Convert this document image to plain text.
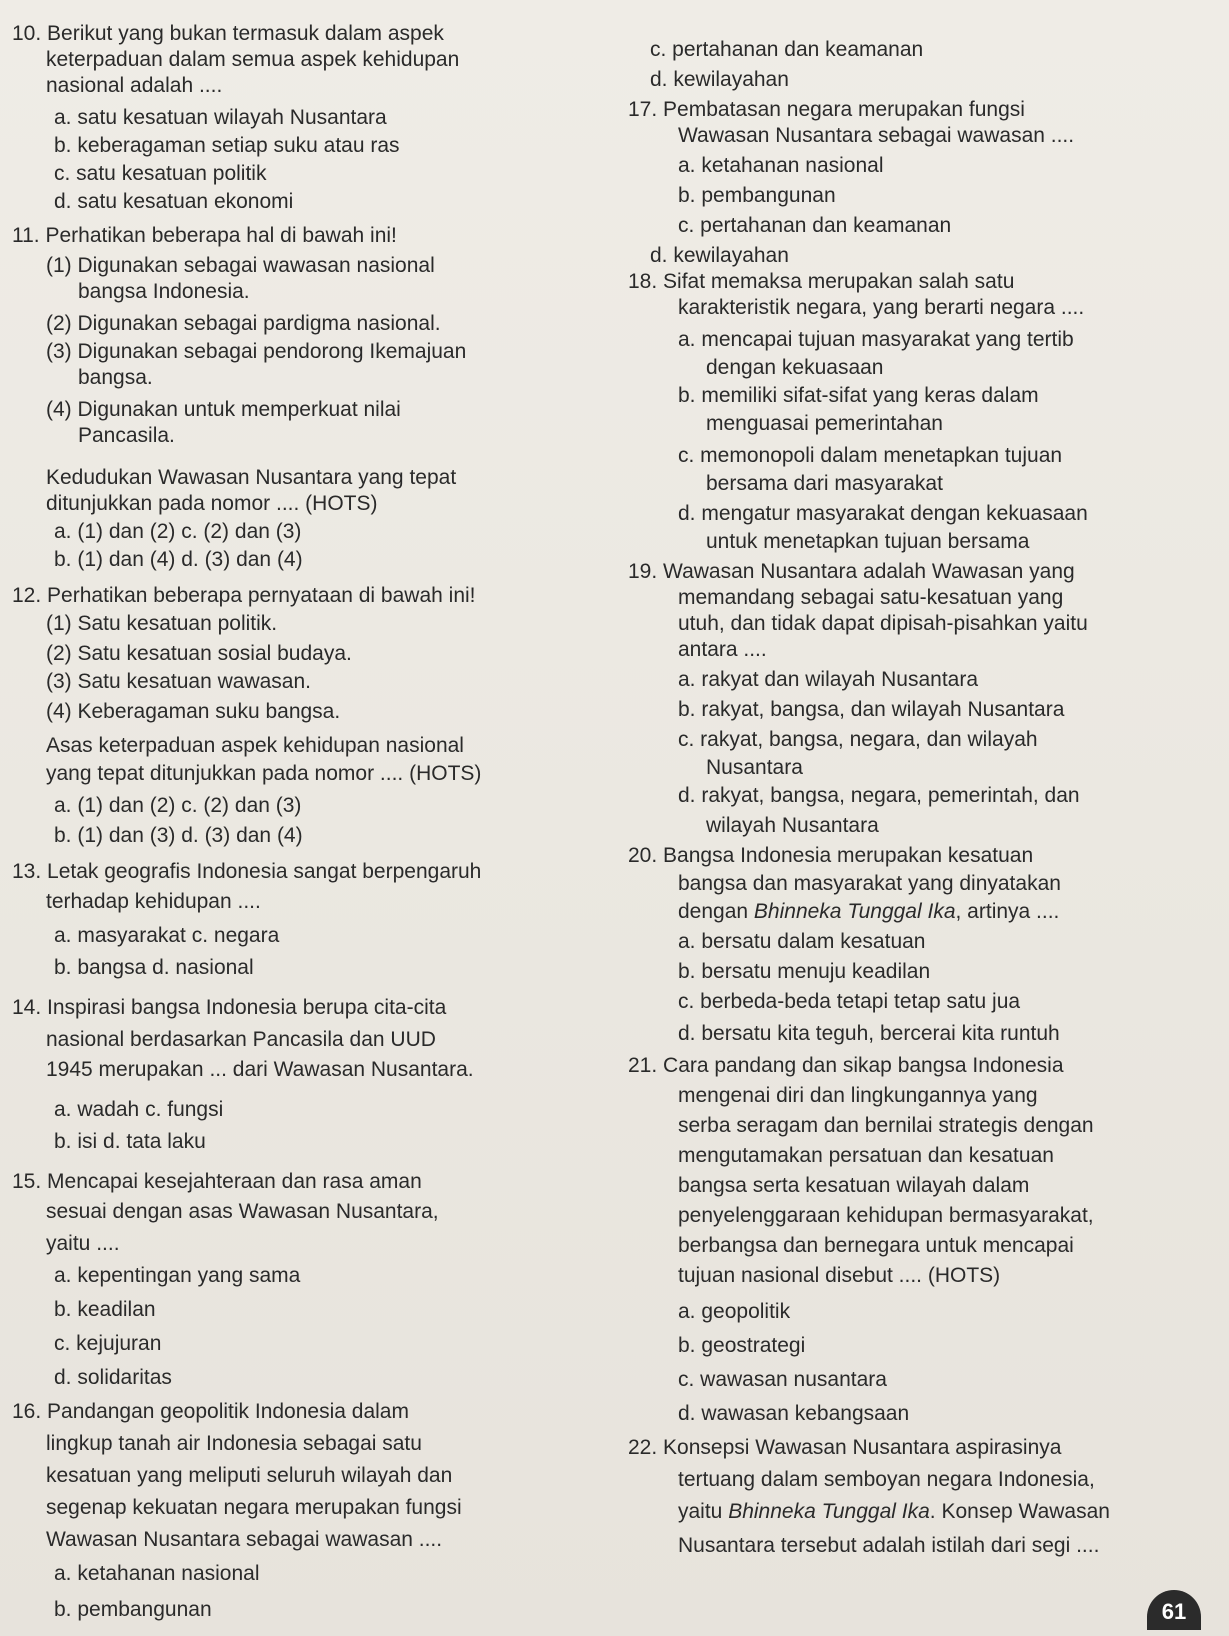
10. Berikut yang bukan termasuk dalam aspek
keterpaduan dalam semua aspek kehidupan
nasional adalah ....
a. satu kesatuan wilayah Nusantara
b. keberagaman setiap suku atau ras
c. satu kesatuan politik
d. satu kesatuan ekonomi
11. Perhatikan beberapa hal di bawah ini!
(1) Digunakan sebagai wawasan nasional
bangsa Indonesia.
(2) Digunakan sebagai pardigma nasional.
(3) Digunakan sebagai pendorong Ikemajuan
bangsa.
(4) Digunakan untuk memperkuat nilai
Pancasila.
Kedudukan Wawasan Nusantara yang tepat
ditunjukkan pada nomor .... (HOTS)
a. (1) dan (2) c. (2) dan (3)
b. (1) dan (4) d. (3) dan (4)
12. Perhatikan beberapa pernyataan di bawah ini!
(1) Satu kesatuan politik.
(2) Satu kesatuan sosial budaya.
(3) Satu kesatuan wawasan.
(4) Keberagaman suku bangsa.
Asas keterpaduan aspek kehidupan nasional
yang tepat ditunjukkan pada nomor .... (HOTS)
a. (1) dan (2) c. (2) dan (3)
b. (1) dan (3) d. (3) dan (4)
13. Letak geografis Indonesia sangat berpengaruh
terhadap kehidupan ....
a. masyarakat c. negara
b. bangsa d. nasional
14. Inspirasi bangsa Indonesia berupa cita-cita
nasional berdasarkan Pancasila dan UUD
1945 merupakan ... dari Wawasan Nusantara.
a. wadah c. fungsi
b. isi d. tata laku
15. Mencapai kesejahteraan dan rasa aman
sesuai dengan asas Wawasan Nusantara,
yaitu ....
a. kepentingan yang sama
b. keadilan
c. kejujuran
d. solidaritas
16. Pandangan geopolitik Indonesia dalam
lingkup tanah air Indonesia sebagai satu
kesatuan yang meliputi seluruh wilayah dan
segenap kekuatan negara merupakan fungsi
Wawasan Nusantara sebagai wawasan ....
a. ketahanan nasional
b. pembangunan
c. pertahanan dan keamanan
d. kewilayahan
17. Pembatasan negara merupakan fungsi
Wawasan Nusantara sebagai wawasan ....
a. ketahanan nasional
b. pembangunan
c. pertahanan dan keamanan
d. kewilayahan
18. Sifat memaksa merupakan salah satu
karakteristik negara, yang berarti negara ....
a. mencapai tujuan masyarakat yang tertib
dengan kekuasaan
b. memiliki sifat-sifat yang keras dalam
menguasai pemerintahan
c. memonopoli dalam menetapkan tujuan
bersama dari masyarakat
d. mengatur masyarakat dengan kekuasaan
untuk menetapkan tujuan bersama
19. Wawasan Nusantara adalah Wawasan yang
memandang sebagai satu-kesatuan yang
utuh, dan tidak dapat dipisah-pisahkan yaitu
antara ....
a. rakyat dan wilayah Nusantara
b. rakyat, bangsa, dan wilayah Nusantara
c. rakyat, bangsa, negara, dan wilayah
Nusantara
d. rakyat, bangsa, negara, pemerintah, dan
wilayah Nusantara
20. Bangsa Indonesia merupakan kesatuan
bangsa dan masyarakat yang dinyatakan
dengan Bhinneka Tunggal Ika, artinya ....
a. bersatu dalam kesatuan
b. bersatu menuju keadilan
c. berbeda-beda tetapi tetap satu jua
d. bersatu kita teguh, bercerai kita runtuh
21. Cara pandang dan sikap bangsa Indonesia
mengenai diri dan lingkungannya yang
serba seragam dan bernilai strategis dengan
mengutamakan persatuan dan kesatuan
bangsa serta kesatuan wilayah dalam
penyelenggaraan kehidupan bermasyarakat,
berbangsa dan bernegara untuk mencapai
tujuan nasional disebut .... (HOTS)
a. geopolitik
b. geostrategi
c. wawasan nusantara
d. wawasan kebangsaan
22. Konsepsi Wawasan Nusantara aspirasinya
tertuang dalam semboyan negara Indonesia,
yaitu Bhinneka Tunggal Ika. Konsep Wawasan
Nusantara tersebut adalah istilah dari segi ....
61
